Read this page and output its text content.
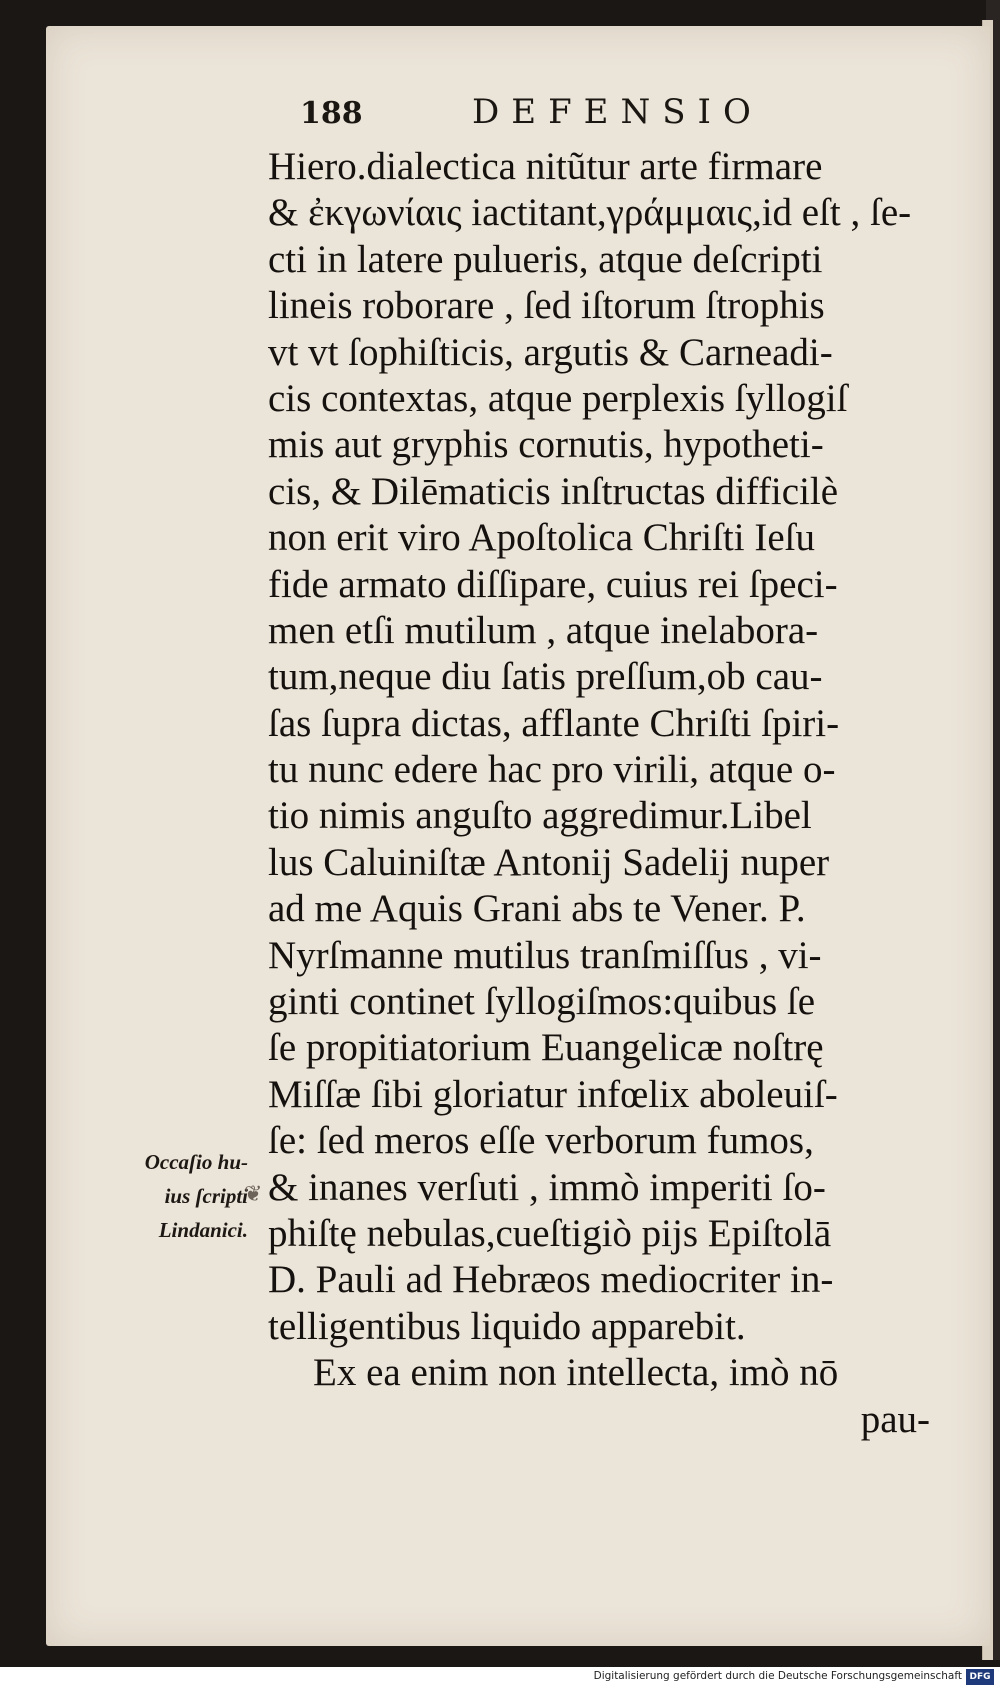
188	DEFENSIO
Hiero.dialectica nitũtur arte firmare
& ἐκγωνίαις iactitant,γράμμαις,id eſt , ſe-
cti in latere pulueris, atque deſcripti
lineis roborare , ſed iſtorum ſtrophis
vt vt ſophiſticis, argutis & Carneadi-
cis contextas, atque perplexis ſyllogiſ
mis aut gryphis cornutis, hypotheti-
cis, & Dilēmaticis inſtructas difficilè
non erit viro Apoſtolica Chriſti Ieſu
fide armato diſſipare, cuius rei ſpeci-
men etſi mutilum , atque inelabora-
tum,neque diu ſatis preſſum,ob cau-
ſas ſupra dictas, afflante Chriſti ſpiri-
tu nunc edere hac pro virili, atque o-
tio nimis anguſto aggredimur.Libel
lus Caluiniſtæ Antonij Sadelij nuper
ad me Aquis Grani abs te Vener. P.
Nyrſmanne mutilus tranſmiſſus , vi-
ginti continet ſyllogiſmos:quibus ſe
ſe propitiatorium Euangelicæ noſtrę
Miſſæ ſibi gloriatur infœlix aboleuiſ-
ſe: ſed meros eſſe verborum fumos,
& inanes verſuti , immò imperiti ſo-
phiſtę nebulas,cueſtigiò pijs Epiſtolā
D. Pauli ad Hebræos mediocriter in-
telligentibus liquido apparebit.
Ex ea enim non intellecta, imò nō
pau-
Occaſio hu-
ius ſcripti
Lindanici.
❦
Digitalisierung gefördert durch die Deutsche Forschungsgemeinschaft DFG
